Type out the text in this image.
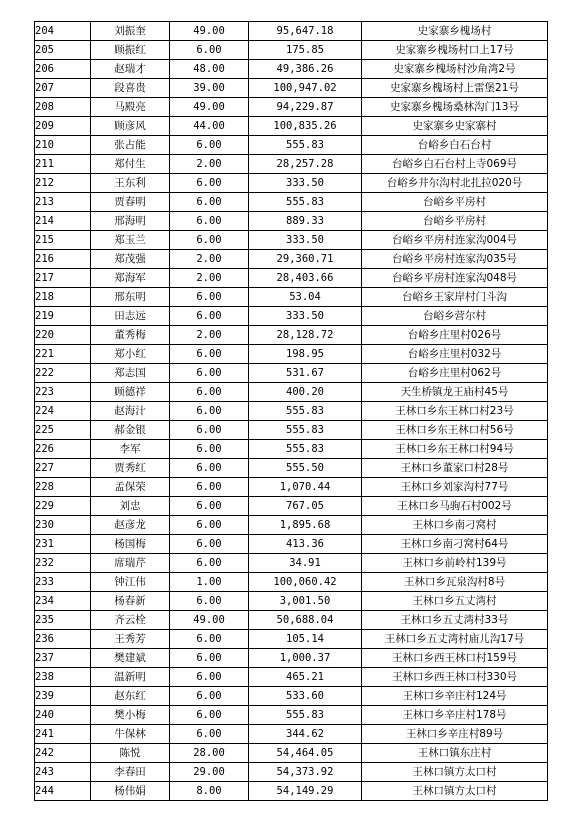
204	刘振奎	49.00	95,647.18	史家寨乡槐场村
205	顾振红	6.00	175.85	史家寨乡槐场村口上17号
206	赵瑞才	48.00	49,386.26	史家寨乡槐场村沙角湾2号
207	段喜贵	39.00	100,947.02	史家寨乡槐场村上雷堡21号
208	马殿亮	49.00	94,229.87	史家寨乡槐场桑林沟门13号
209	顾彦风	44.00	100,835.26	史家寨乡史家寨村
210	张占能	6.00	555.83	台峪乡白石台村
211	郑付生	2.00	28,257.28	台峪乡白石台村上寺069号
212	王东利	6.00	333.50	台峪乡井尔沟村北扎拉020号
213	贾春明	6.00	555.83	台峪乡平房村
214	邢海明	6.00	889.33	台峪乡平房村
215	郑玉兰	6.00	333.50	台峪乡平房村连家沟004号
216	郑茂强	2.00	29,360.71	台峪乡平房村连家沟035号
217	郑海军	2.00	28,403.66	台峪乡平房村连家沟048号
218	邢东明	6.00	53.04	台峪乡王家岸村门斗沟
219	田志远	6.00	333.50	台峪乡营尔村
220	董秀梅	2.00	28,128.72	台峪乡庄里村026号
221	郑小红	6.00	198.95	台峪乡庄里村032号
222	郑志国	6.00	531.67	台峪乡庄里村062号
223	顾德祥	6.00	400.20	天生桥镇龙王庙村45号
224	赵海汁	6.00	555.83	王林口乡东王林口村23号
225	郝金银	6.00	555.83	王林口乡东王林口村56号
226	李军	6.00	555.83	王林口乡东王林口村94号
227	贾秀红	6.00	555.50	王林口乡董家口村28号
228	孟保荣	6.00	1,070.44	王林口乡刘家沟村77号
229	刘忠	6.00	767.05	王林口乡马驹石村002号
230	赵彦龙	6.00	1,895.68	王林口乡南刁窝村
231	杨国梅	6.00	413.36	王林口乡南刁窝村64号
232	席瑞芹	6.00	34.91	王林口乡前岭村139号
233	钟江伟	1.00	100,060.42	王林口乡瓦泉沟村8号
234	杨春新	6.00	3,001.50	王林口乡五丈湾村
235	齐云栓	49.00	50,688.04	王林口乡五丈湾村33号
236	王秀芳	6.00	105.14	王林口乡五丈湾村庙儿沟17号
237	樊建斌	6.00	1,000.37	王林口乡西王林口村159号
238	温新明	6.00	465.21	王林口乡西王林口村330号
239	赵东红	6.00	533.60	王林口乡辛庄村124号
240	樊小梅	6.00	555.83	王林口乡辛庄村178号
241	牛保林	6.00	344.62	王林口乡辛庄村89号
242	陈悦	28.00	54,464.05	王林口镇东庄村
243	李春田	29.00	54,373.92	王林口镇方太口村
244	杨伟娟	8.00	54,149.29	王林口镇方太口村
